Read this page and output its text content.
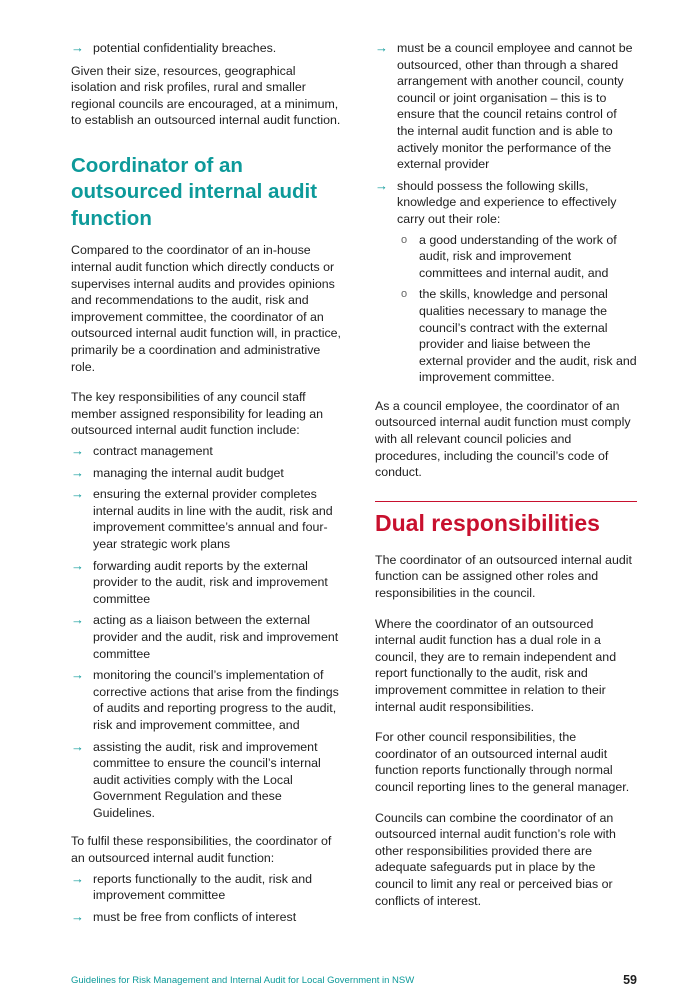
→ potential confidentiality breaches.

Given their size, resources, geographical isolation and risk profiles, rural and smaller regional councils are encouraged, at a minimum, to establish an outsourced internal audit function.

Coordinator of an outsourced internal audit function

Compared to the coordinator of an in-house internal audit function which directly conducts or supervises internal audits and provides opinions and recommendations to the audit, risk and improvement committee, the coordinator of an outsourced internal audit function will, in practice, primarily be a coordination and administrative role.

The key responsibilities of any council staff member assigned responsibility for leading an outsourced internal audit function include:

→ contract management
→ managing the internal audit budget
→ ensuring the external provider completes internal audits in line with the audit, risk and improvement committee’s annual and four-year strategic work plans
→ forwarding audit reports by the external provider to the audit, risk and improvement committee
→ acting as a liaison between the external provider and the audit, risk and improvement committee
→ monitoring the council’s implementation of corrective actions that arise from the findings of audits and reporting progress to the audit, risk and improvement committee, and
→ assisting the audit, risk and improvement committee to ensure the council’s internal audit activities comply with the Local Government Regulation and these Guidelines.

To fulfil these responsibilities, the coordinator of an outsourced internal audit function:

→ reports functionally to the audit, risk and improvement committee
→ must be free from conflicts of interest
→ must be a council employee and cannot be outsourced, other than through a shared arrangement with another council, county council or joint organisation – this is to ensure that the council retains control of the internal audit function and is able to actively monitor the performance of the external provider
→ should possess the following skills, knowledge and experience to effectively carry out their role:
o a good understanding of the work of audit, risk and improvement committees and internal audit, and
o the skills, knowledge and personal qualities necessary to manage the council’s contract with the external provider and liaise between the external provider and the audit, risk and improvement committee.

As a council employee, the coordinator of an outsourced internal audit function must comply with all relevant council policies and procedures, including the council’s code of conduct.

Dual responsibilities

The coordinator of an outsourced internal audit function can be assigned other roles and responsibilities in the council.

Where the coordinator of an outsourced internal audit function has a dual role in a council, they are to remain independent and report functionally to the audit, risk and improvement committee in relation to their internal audit responsibilities.

For other council responsibilities, the coordinator of an outsourced internal audit function reports functionally through normal council reporting lines to the general manager.

Councils can combine the coordinator of an outsourced internal audit function’s role with other responsibilities provided there are adequate safeguards put in place by the council to limit any real or perceived bias or conflicts of interest.

Guidelines for Risk Management and Internal Audit for Local Government in NSW	59
